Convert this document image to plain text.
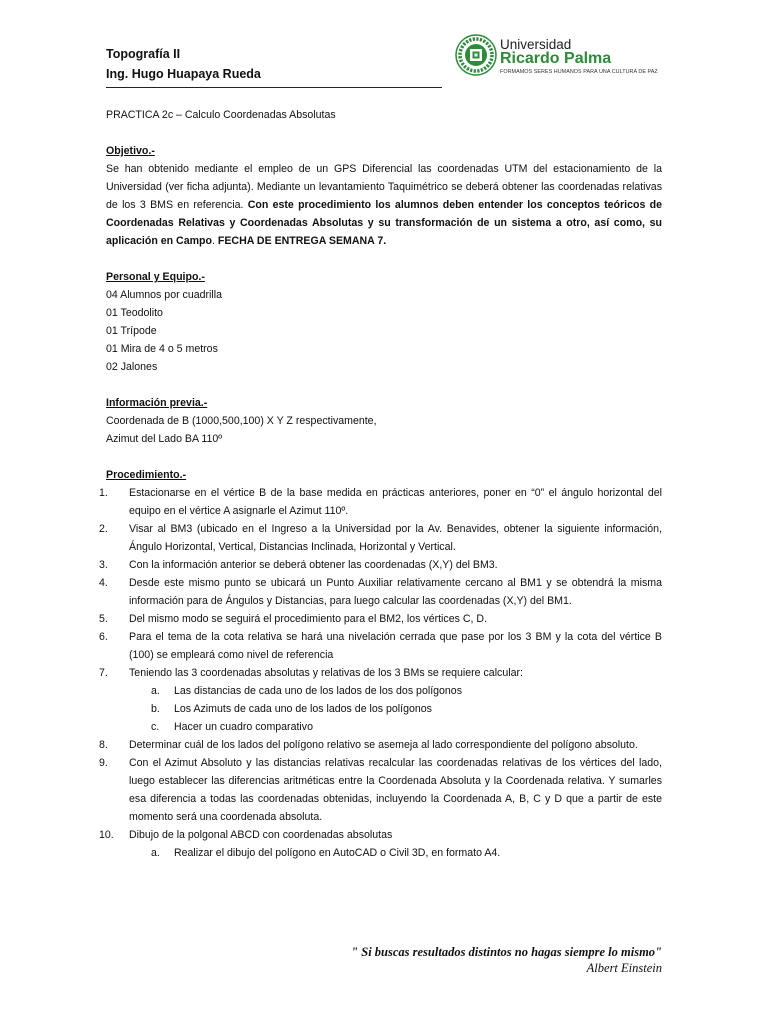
Topografía II
Ing. Hugo Huapaya Rueda
Universidad
Ricardo Palma
FORMAMOS SERES HUMANOS PARA UNA CULTURA DE PAZ

PRACTICA 2c – Calculo Coordenadas Absolutas

Objetivo.-

Se han obtenido mediante el empleo de un GPS Diferencial las coordenadas UTM del estacionamiento de la Universidad (ver ficha adjunta). Mediante un levantamiento Taquimétrico se deberá obtener las coordenadas relativas de los 3 BMS en referencia. Con este procedimiento los alumnos deben entender los conceptos teóricos de Coordenadas Relativas y Coordenadas Absolutas y su transformación de un sistema a otro, así como, su aplicación en Campo. FECHA DE ENTREGA SEMANA 7.

Personal y Equipo.-
04 Alumnos por cuadrilla
01 Teodolito
01 Trípode
01 Mira de 4 o 5 metros
02 Jalones
Información previa.-
Coordenada de B (1000,500,100) X Y Z respectivamente,
Azimut del Lado BA 110º
Procedimiento.-
1.	Estacionarse en el vértice B de la base medida en prácticas anteriores, poner en “0” el ángulo horizontal del equipo en el vértice A asignarle el Azimut 110º.
2.	Visar al BM3 (ubicado en el Ingreso a la Universidad por la Av. Benavides, obtener la siguiente información, Ángulo Horizontal, Vertical, Distancias Inclinada, Horizontal y Vertical.
3.	Con la información anterior se deberá obtener las coordenadas (X,Y) del BM3.
4.	Desde este mismo punto se ubicará un Punto Auxiliar relativamente cercano al BM1 y se obtendrá la misma información para de Ángulos y Distancias, para luego calcular las coordenadas (X,Y) del BM1.
5.	Del mismo modo se seguirá el procedimiento para el BM2, los vértices C, D.
6.	Para el tema de la cota relativa se hará una nivelación cerrada que pase por los 3 BM y la cota del vértice B (100) se empleará como nivel de referencia
7.	Teniendo las 3 coordenadas absolutas y relativas de los 3 BMs se requiere calcular:
a. Las distancias de cada uno de los lados de los dos polígonos
b. Los Azimuts de cada uno de los lados de los polígonos
c. Hacer un cuadro comparativo
8.	Determinar cuál de los lados del polígono relativo se asemeja al lado correspondiente del polígono absoluto.
9.	Con el Azimut Absoluto y las distancias relativas recalcular las coordenadas relativas de los vértices del lado, luego establecer las diferencias aritméticas entre la Coordenada Absoluta y la Coordenada relativa. Y sumarles esa diferencia a todas las coordenadas obtenidas, incluyendo la Coordenada A, B, C y D que a partir de este momento será una coordenada absoluta.
10.	Dibujo de la polgonal ABCD con coordenadas absolutas
a. Realizar el dibujo del polígono en AutoCAD o Civil 3D, en formato A4.
" Si buscas resultados distintos no hagas siempre lo mismo"
Albert Einstein
